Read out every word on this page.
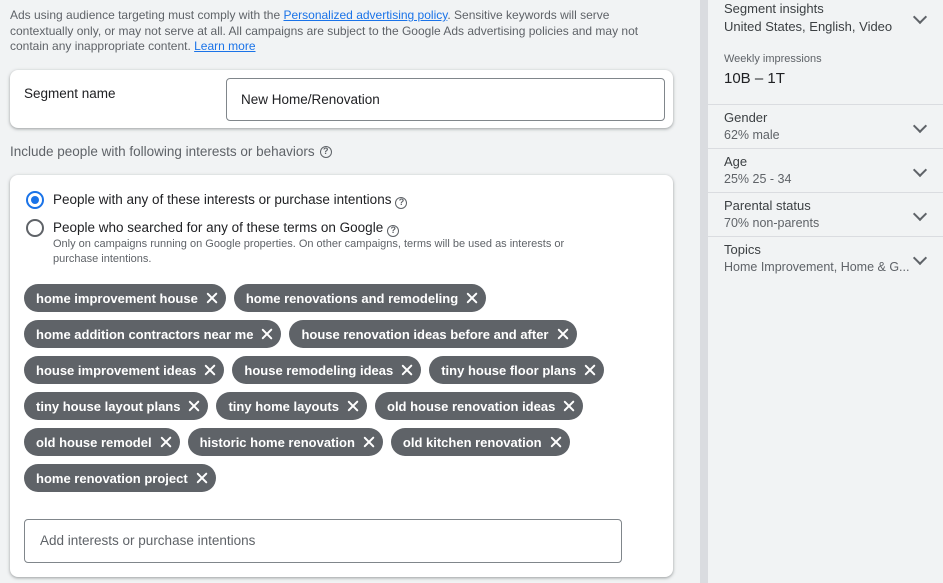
Ads using audience targeting must comply with the Personalized advertising policy. Sensitive keywords will serve contextually only, or may not serve at all. All campaigns are subject to the Google Ads advertising policies and may not contain any inappropriate content. Learn more
Segment name	New Home/Renovation
Include people with following interests or behaviors ?
People with any of these interests or purchase intentions ?
People who searched for any of these terms on Google ?
Only on campaigns running on Google properties. On other campaigns, terms will be used as interests or purchase intentions.
home improvement house	home renovations and remodeling
home addition contractors near me	house renovation ideas before and after
house improvement ideas	house remodeling ideas	tiny house floor plans
tiny house layout plans	tiny home layouts	old house renovation ideas
old house remodel	historic home renovation	old kitchen renovation
home renovation project
Add interests or purchase intentions
Segment insights
United States, English, Video
Weekly impressions
10B – 1T
Gender
62% male
Age
25% 25 - 34
Parental status
70% non-parents
Topics
Home Improvement, Home & G...
